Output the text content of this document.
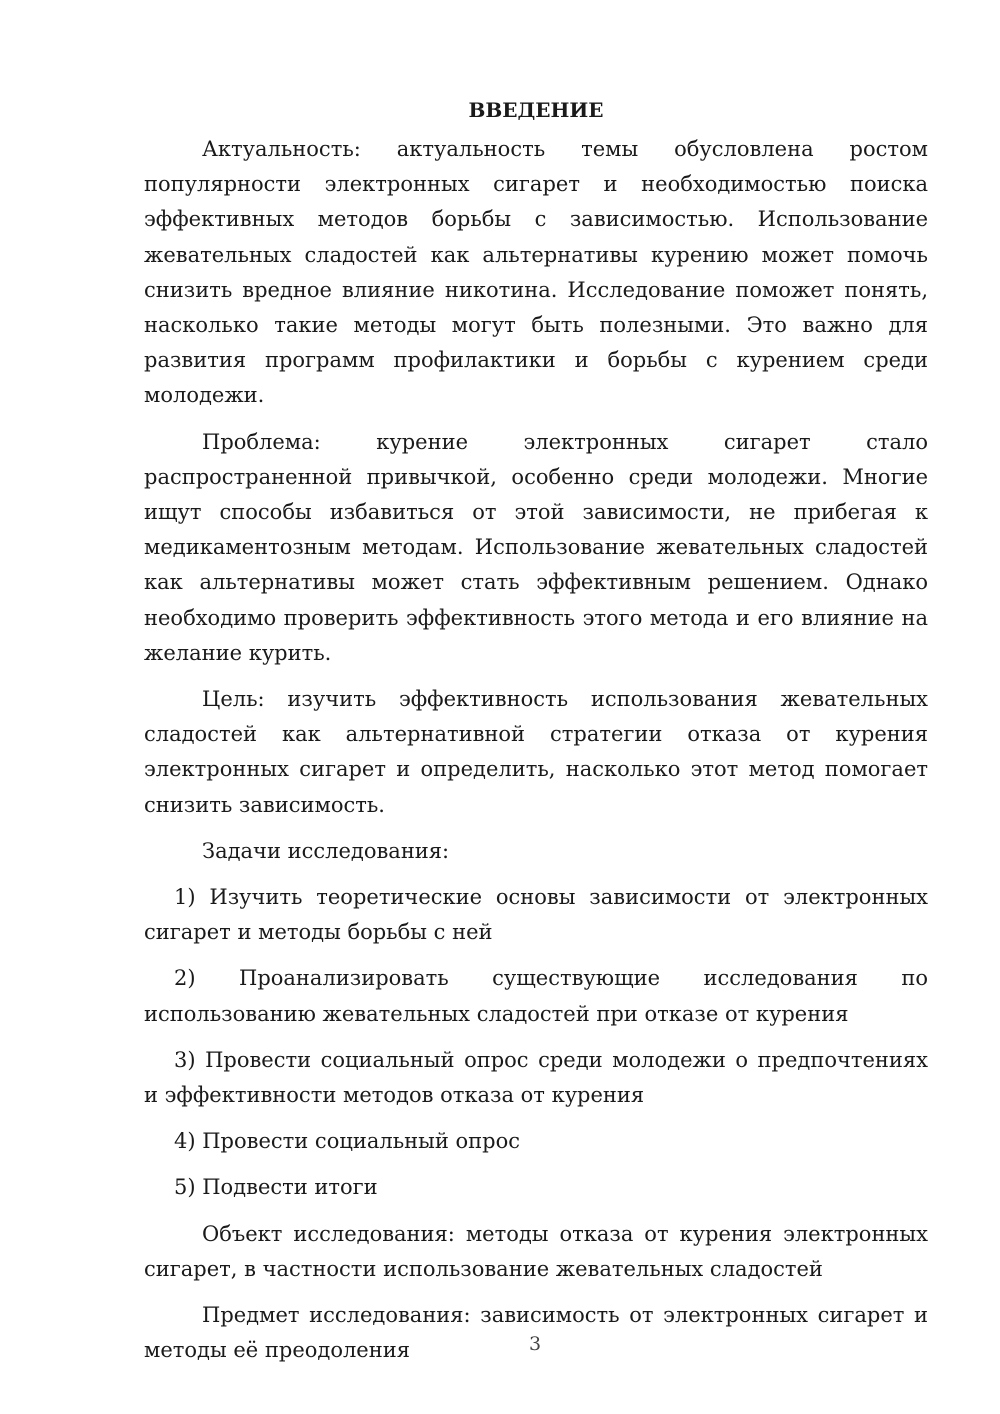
ВВЕДЕНИЕ

Актуальность: актуальность темы обусловлена ростом популярности электронных сигарет и необходимостью поиска эффективных методов борьбы с зависимостью. Использование жевательных сладостей как альтернативы курению может помочь снизить вредное влияние никотина. Исследование поможет понять, насколько такие методы могут быть полезными. Это важно для развития программ профилактики и борьбы с курением среди молодежи.

Проблема: курение электронных сигарет стало распространенной привычкой, особенно среди молодежи. Многие ищут способы избавиться от этой зависимости, не прибегая к медикаментозным методам. Использование жевательных сладостей как альтернативы может стать эффективным решением. Однако необходимо проверить эффективность этого метода и его влияние на желание курить.

Цель: изучить эффективность использования жевательных сладостей как альтернативной стратегии отказа от курения электронных сигарет и определить, насколько этот метод помогает снизить зависимость.

Задачи исследования:

1) Изучить теоретические основы зависимости от электронных сигарет и методы борьбы с ней

2) Проанализировать существующие исследования по использованию жевательных сладостей при отказе от курения

3) Провести социальный опрос среди молодежи о предпочтениях и эффективности методов отказа от курения

4) Провести социальный опрос

5) Подвести итоги

Объект исследования: методы отказа от курения электронных сигарет, в частности использование жевательных сладостей

Предмет исследования: зависимость от электронных сигарет и методы её преодоления	3
